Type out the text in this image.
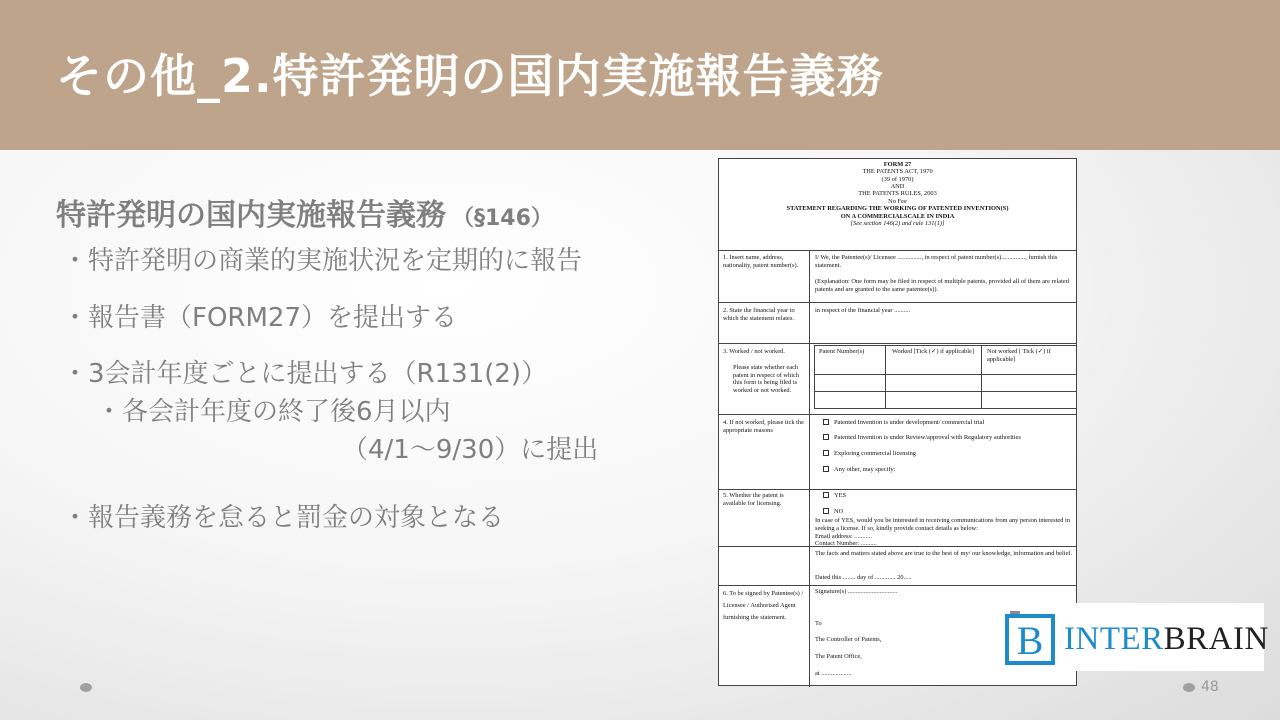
その他_2.特許発明の国内実施報告義務
特許発明の国内実施報告義務 （§146）
・特許発明の商業的実施状況を定期的に報告
・報告書（FORM27）を提出する
・3会計年度ごとに提出する（R131(2)）
・各会計年度の終了後6月以内
（4/1～9/30）に提出
・報告義務を怠ると罰金の対象となる
FORM 27
THE PATENTS ACT, 1970
(39 of 1970)
AND
THE PATENTS RULES, 2003
No Fee
STATEMENT REGARDING THE WORKING OF PATENTED INVENTION(S)
ON A COMMERCIALSCALE IN INDIA
[See section 146(2) and rule 131(1)]
1. Insert name, address, nationality, patent number(s).
I/ We, the Patentee(s)/ Licensee ..............., in respect of patent number(s)..............., furnish this statement.
(Explanation: One form may be filed in respect of multiple patents, provided all of them are related patents and are granted to the same patentee(s)).
2. State the financial year to which the statement relates.
in respect of the financial year ..........
3. Worked / not worked.
Please state whether each patent in respect of which this form is being filed is worked or not worked.
Patent Number(s)	Worked [Tick (✓) if applicable]	Not worked [ Tick (✓) if applicable]
4. If not worked, please tick the appropriate reasons
Patented Invention is under development/ commercial trial
Patented Invention is under Review/approval with Regulatory authorities
Exploring commercial licensing
Any other, may specify:
5. Whether the patent is available for licensing.
YES
NO
In case of YES, would you be interested in receiving communications from any person interested in seeking a license. If so, kindly provide contact details as below:
Email address: ...........
Contact Number: ..........
The facts and matters stated above are true to the best of my/ our knowledge, information and belief.
Dated this ........ day of ............. 20.....
6. To be signed by Patentee(s) / Licensee / Authorised Agent furnishing the statement.
Signature(s) ...............................
To
The Controller of Patents,
The Patent Office,
at ...................
B INTERBRAIN
48
